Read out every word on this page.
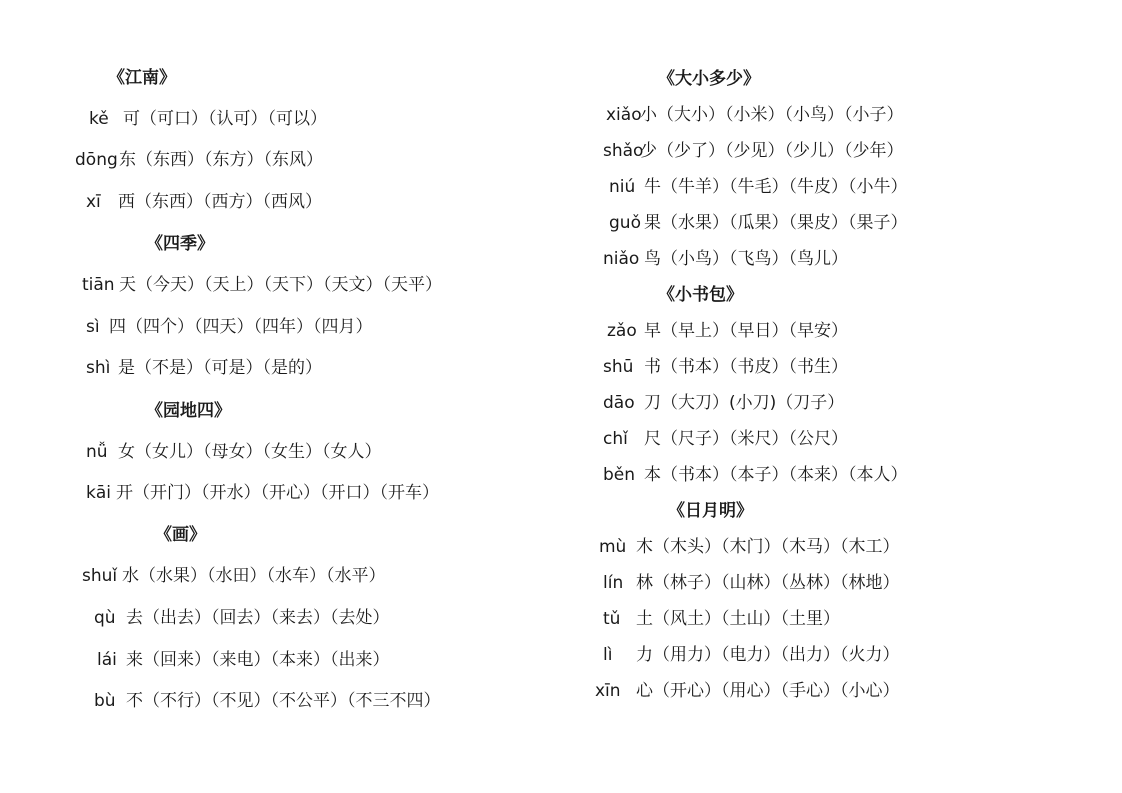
《江南》
kě 可（可口）（认可）（可以）
dōng东（东西）（东方）（东风）
xī 西（东西）（西方）（西风）
《四季》
tiān 天（今天）（天上）（天下）（天文）（天平）
sì 四（四个）（四天）（四年）（四月）
shì 是（不是）（可是）（是的）
《园地四》
nǚ 女（女儿）（母女）（女生）（女人）
kāi 开（开门）（开水）（开心）（开口）（开车）
《画》
shuǐ 水（水果）（水田）（水车）（水平）
qù 去（出去）（回去）（来去）（去处）
lái 来（回来）（来电）（本来）（出来）
bù 不（不行）（不见）（不公平）（不三不四）
《大小多少》
xiǎo小（大小）（小米）（小鸟）（小子）
shǎo少（少了）（少见）（少儿）（少年）
niú 牛（牛羊）（牛毛）（牛皮）（小牛）
guǒ 果（水果）（瓜果）（果皮）（果子）
niǎo 鸟（小鸟）（飞鸟）（鸟儿）
《小书包》
zǎo 早（早上）（早日）（早安）
shū 书（书本）（书皮）（书生）
dāo 刀（大刀）(小刀)（刀子）
chǐ 尺（尺子）（米尺）（公尺）
běn 本（书本）（本子）（本来）（本人）
《日月明》
mù 木（木头）（木门）（木马）（木工）
lín 林（林子）（山林）（丛林）（林地）
tǔ 土（风土）（土山）（土里）
lì 力（用力）（电力）（出力）（火力）
xīn 心（开心）（用心）（手心）（小心）
